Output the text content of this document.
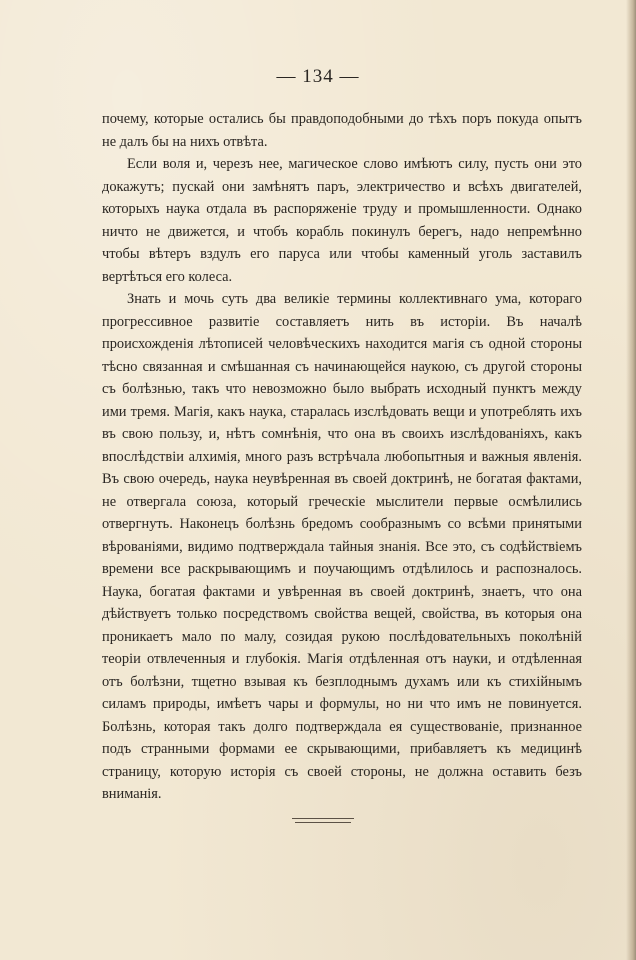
— 134 —

почему, которые остались бы правдоподобными до тѣхъ поръ покуда опытъ не далъ бы на нихъ отвѣта.

Если воля и, черезъ нее, магическое слово имѣютъ силу, пусть они это докажутъ; пускай они замѣнятъ паръ, электричество и всѣхъ двигателей, которыхъ наука отдала въ распоряженіе труду и промышленности. Однако ничто не движется, и чтобъ корабль покинулъ берегъ, надо непремѣнно чтобы вѣтеръ вздулъ его паруса или чтобы каменный уголь заставилъ вертѣться его колеса.

Знать и мочь суть два великіе термины коллективнаго ума, котораго прогрессивное развитіе составляетъ нить въ исторіи. Въ началѣ происхожденія лѣтописей человѣческихъ находится магія съ одной стороны тѣсно связанная и смѣшанная съ начинающейся наукою, съ другой стороны съ болѣзнью, такъ что невозможно было выбрать исходный пунктъ между ими тремя. Магія, какъ наука, старалась изслѣдовать вещи и употреблять ихъ въ свою пользу, и, нѣтъ сомнѣнія, что она въ своихъ изслѣдованіяхъ, какъ впослѣдствіи алхимія, много разъ встрѣчала любопытныя и важныя явленія. Въ свою очередь, наука неувѣренная въ своей доктринѣ, не богатая фактами, не отвергала союза, который греческіе мыслители первые осмѣлились отвергнуть. Наконецъ болѣзнь бредомъ сообразнымъ со всѣми принятыми вѣрованіями, видимо подтверждала тайныя знанія. Все это, съ содѣйствіемъ времени все раскрывающимъ и поучающимъ отдѣлилось и распозналось. Наука, богатая фактами и увѣренная въ своей доктринѣ, знаетъ, что она дѣйствуетъ только посредствомъ свойства вещей, свойства, въ которыя она проникаетъ мало по малу, созидая рукою послѣдовательныхъ поколѣній теоріи отвлеченныя и глубокія. Магія отдѣленная отъ науки, и отдѣленная отъ болѣзни, тщетно взывая къ безплоднымъ духамъ или къ стихійнымъ силамъ природы, имѣетъ чары и формулы, но ни что имъ не повинуется. Болѣзнь, которая такъ долго подтверждала ея существованіе, признанное подъ странными формами ее скрывающими, прибавляетъ къ медицинѣ страницу, которую исторія съ своей стороны, не должна оставить безъ вниманія.
